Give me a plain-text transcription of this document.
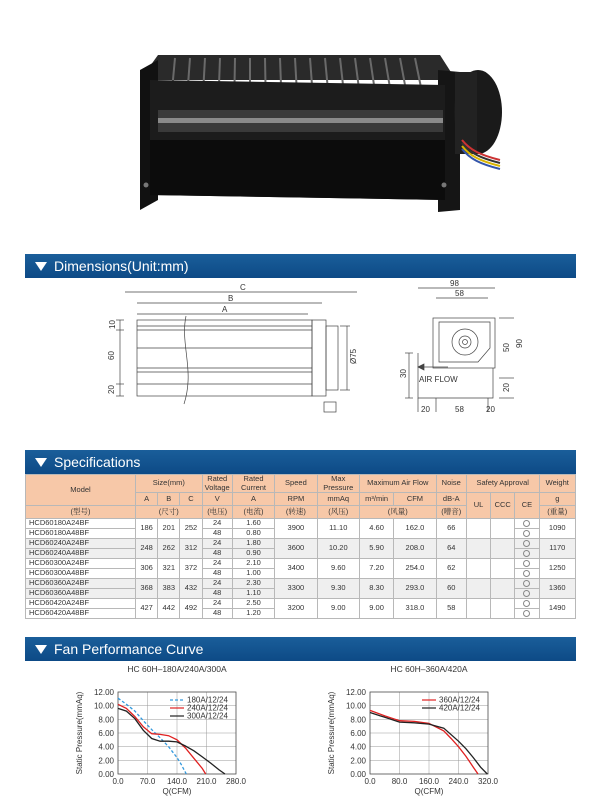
Dimensions(Unit:mm)
C
B
A
10
60
20
Ø75
98
58
90
50
30
20
20	58	20
AIR FLOW
Specifications
Model	Size(mm)			Rated Voltage	Rated Current	Speed	Max Pressure	Maximum Air Flow		Noise	Safety Approval			Weight
	A	B	C	V	A	RPM	mmAq	m³/min	CFM	dB-A	UL	CCC	CE	g
(型号)	(尺寸)			(电压)	(电流)	(转速)	(风压)	(风量)		(嘈音)				(重量)
HCD60180A24BF	186	201	252	24	1.60	3900	11.10	4.60	162.0	66				1090
HCD60180A48BF				48	0.80									
HCD60240A24BF	248	262	312	24	1.80	3600	10.20	5.90	208.0	64				1170
HCD60240A48BF				48	0.90									
HCD60300A24BF	306	321	372	24	2.10	3400	9.60	7.20	254.0	62				1250
HCD60300A48BF				48	1.00									
HCD60360A24BF	368	383	432	24	2.30	3300	9.30	8.30	293.0	60				1360
HCD60360A48BF				48	1.10									
HCD60420A24BF	427	442	492	24	2.50	3200	9.00	9.00	318.0	58				1490
HCD60420A48BF				48	1.20									
Fan Performance Curve
HC 60H–180A/240A/300A
0.00
2.00
4.00
6.00
8.00
10.00
12.00
0.0 70.0 140.0 210.0 280.0
Q(CFM)
Static Pressure(mmAq)	180A/12/24
240A/12/24
300A/12/24
HC 60H–360A/420A
0.00
2.00
4.00
6.00
8.00
10.00
12.00
0.0 80.0 160.0 240.0 320.0
Q(CFM)
Static Pressure(mmAq)	360A/12/24
420A/12/24
